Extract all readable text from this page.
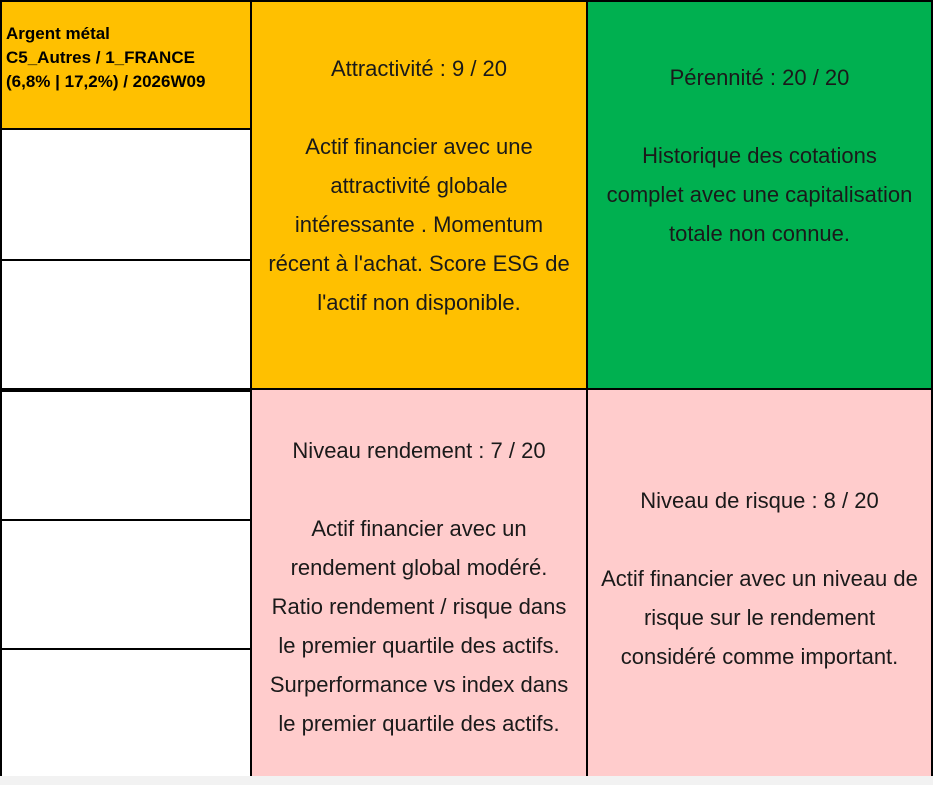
Argent métal
C5_Autres / 1_FRANCE
(6,8% | 17,2%) / 2026W09
Attractivité : 9 / 20
Actif financier avec une
attractivité globale
intéressante . Momentum
récent à l'achat. Score ESG de
l'actif non disponible.
Pérennité : 20 / 20
Historique des cotations
complet avec une capitalisation
totale non connue.
Niveau rendement : 7 / 20
Actif financier avec un
rendement global modéré.
Ratio rendement / risque dans
le premier quartile des actifs.
Surperformance vs index dans
le premier quartile des actifs.
Niveau de risque : 8 / 20
Actif financier avec un niveau de
risque sur le rendement
considéré comme important.
